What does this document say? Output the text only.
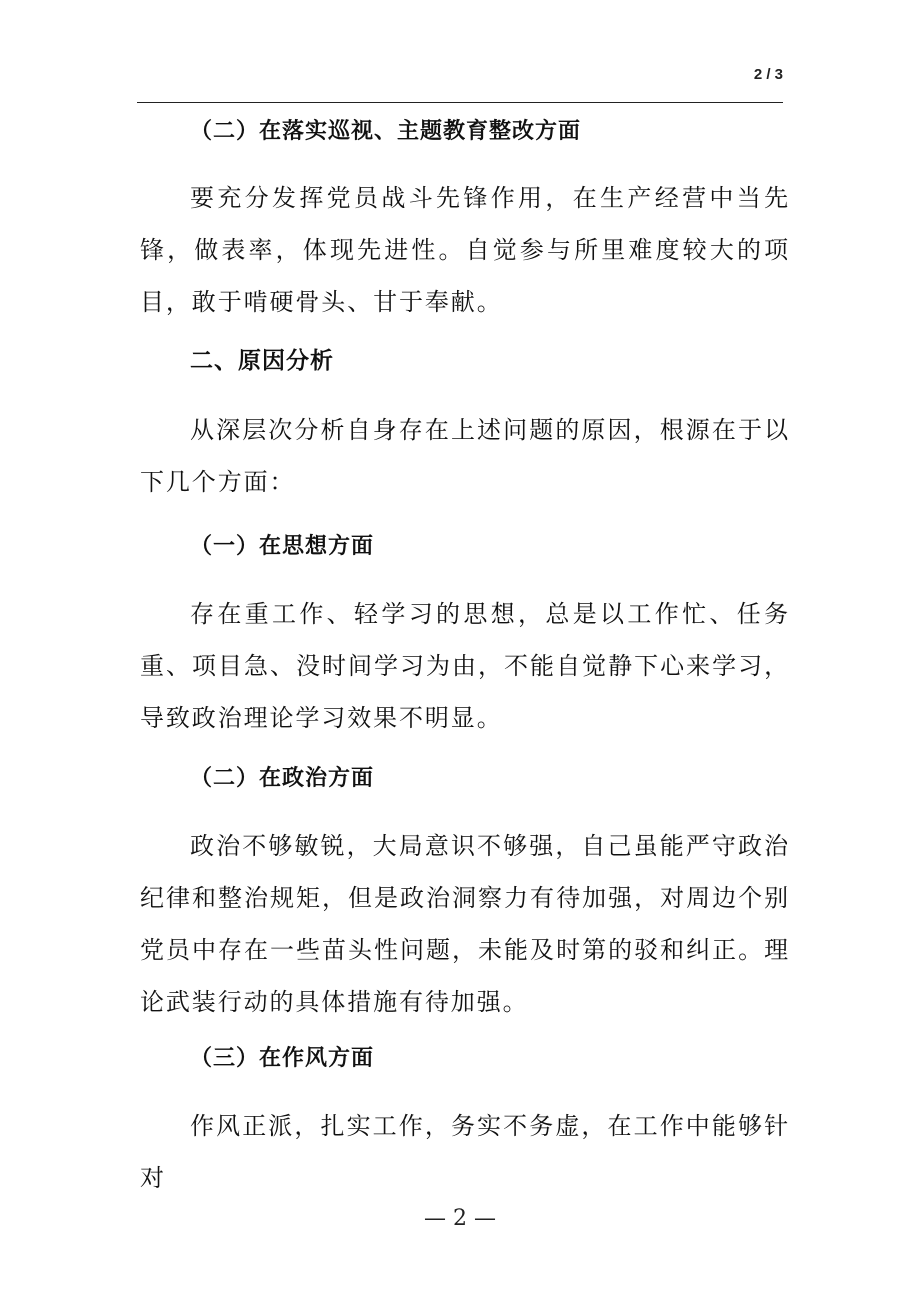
2 / 3
（二）在落实巡视、主题教育整改方面

要充分发挥党员战斗先锋作用，在生产经营中当先锋，做表率，体现先进性。自觉参与所里难度较大的项目，敢于啃硬骨头、甘于奉献。

二、原因分析

从深层次分析自身存在上述问题的原因，根源在于以下几个方面：

（一）在思想方面

存在重工作、轻学习的思想，总是以工作忙、任务重、项目急、没时间学习为由，不能自觉静下心来学习，导致政治理论学习效果不明显。

（二）在政治方面

政治不够敏锐，大局意识不够强，自己虽能严守政治纪律和整治规矩，但是政治洞察力有待加强，对周边个别党员中存在一些苗头性问题，未能及时第的驳和纠正。理论武装行动的具体措施有待加强。

（三）在作风方面

作风正派，扎实工作，务实不务虚，在工作中能够针对

— 2 —
